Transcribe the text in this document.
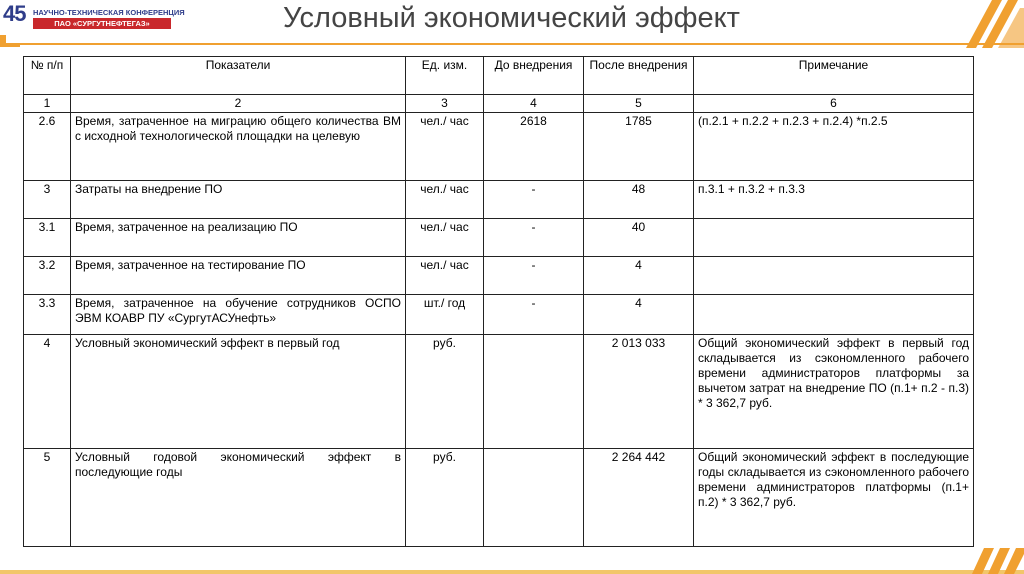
45 НАУЧНО-ТЕХНИЧЕСКАЯ КОНФЕРЕНЦИЯ
ПАО «СУРГУТНЕФТЕГАЗ»	Условный экономический эффект
№ п/п	Показатели	Ед. изм.	До внедрения	После внедрения	Примечание
1	2	3	4	5	6
2.6	Время, затраченное на миграцию общего количества ВМ с исходной технологической площадки на целевую	чел./ час	2618	1785	(п.2.1 + п.2.2 + п.2.3 + п.2.4) *п.2.5
3	Затраты на внедрение ПО	чел./ час	-	48	п.3.1 + п.3.2 + п.3.3
3.1	Время, затраченное на реализацию ПО	чел./ час	-	40	
3.2	Время, затраченное на тестирование ПО	чел./ час	-	4	
3.3	Время, затраченное на обучение сотрудников ОСПО ЭВМ КОАВР ПУ «СургутАСУнефть»	шт./ год	-	4	
4	Условный экономический эффект в первый год	руб.		2 013 033	Общий экономический эффект в первый год складывается из сэкономленного рабочего времени администраторов платформы за вычетом затрат на внедрение ПО (п.1+ п.2 - п.3) * 3 362,7 руб.
5	Условный годовой экономический эффект в последующие годы	руб.		2 264 442	Общий экономический эффект в последующие годы складывается из сэкономленного рабочего времени администраторов платформы (п.1+ п.2) * 3 362,7 руб.
